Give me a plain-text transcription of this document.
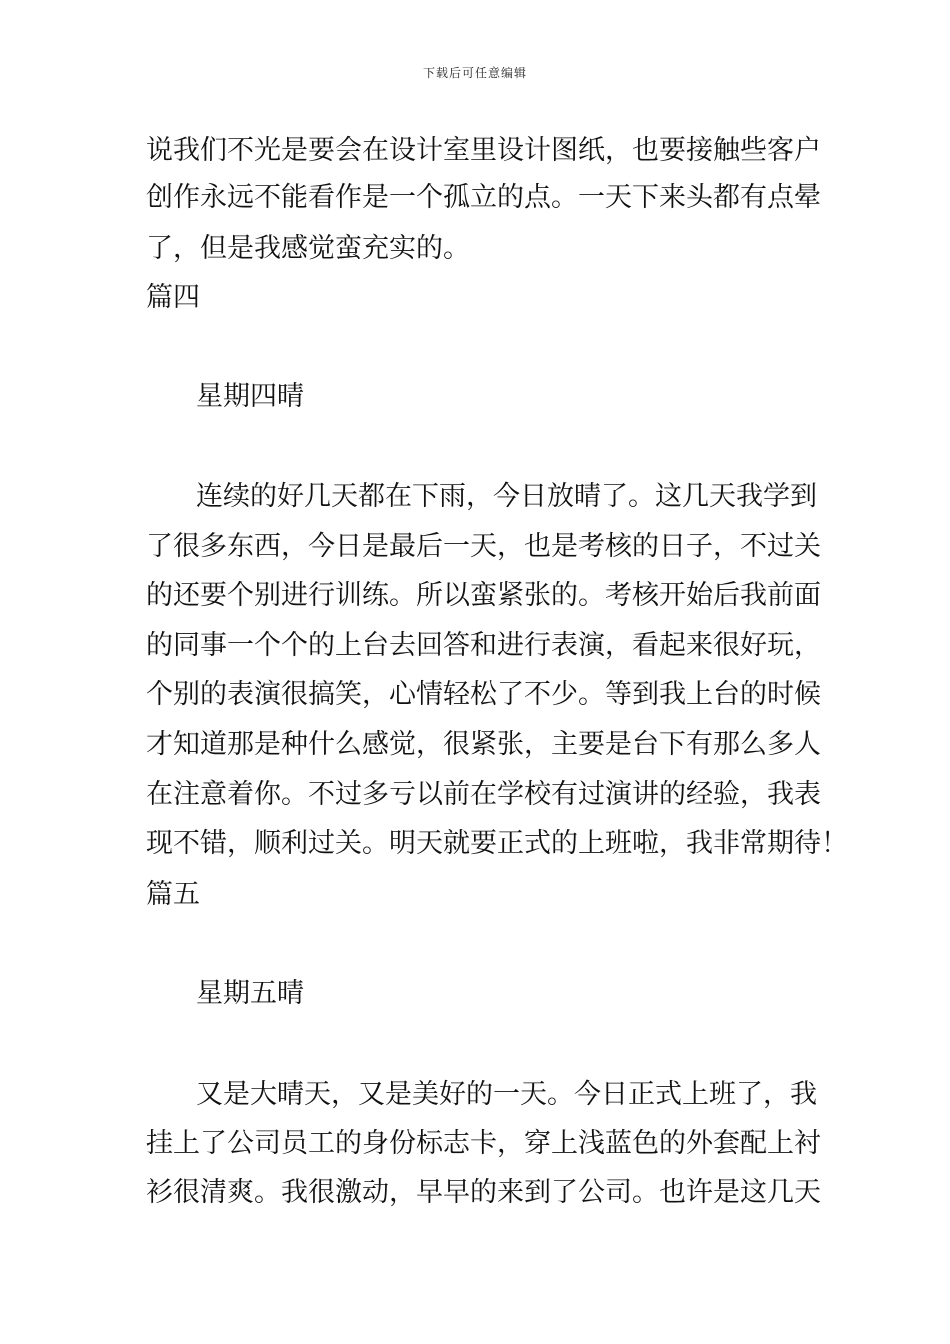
下载后可任意编辑
说我们不光是要会在设计室里设计图纸，也要接触些客户
创作永远不能看作是一个孤立的点。一天下来头都有点晕
了，但是我感觉蛮充实的。
篇四
星期四晴
连续的好几天都在下雨，今日放晴了。这几天我学到
了很多东西，今日是最后一天，也是考核的日子，不过关
的还要个别进行训练。所以蛮紧张的。考核开始后我前面
的同事一个个的上台去回答和进行表演，看起来很好玩，
个别的表演很搞笑，心情轻松了不少。等到我上台的时候
才知道那是种什么感觉，很紧张，主要是台下有那么多人
在注意着你。不过多亏以前在学校有过演讲的经验，我表
现不错，顺利过关。明天就要正式的上班啦，我非常期待！
篇五
星期五晴
又是大晴天，又是美好的一天。今日正式上班了，我
挂上了公司员工的身份标志卡，穿上浅蓝色的外套配上衬
衫很清爽。我很激动，早早的来到了公司。也许是这几天
